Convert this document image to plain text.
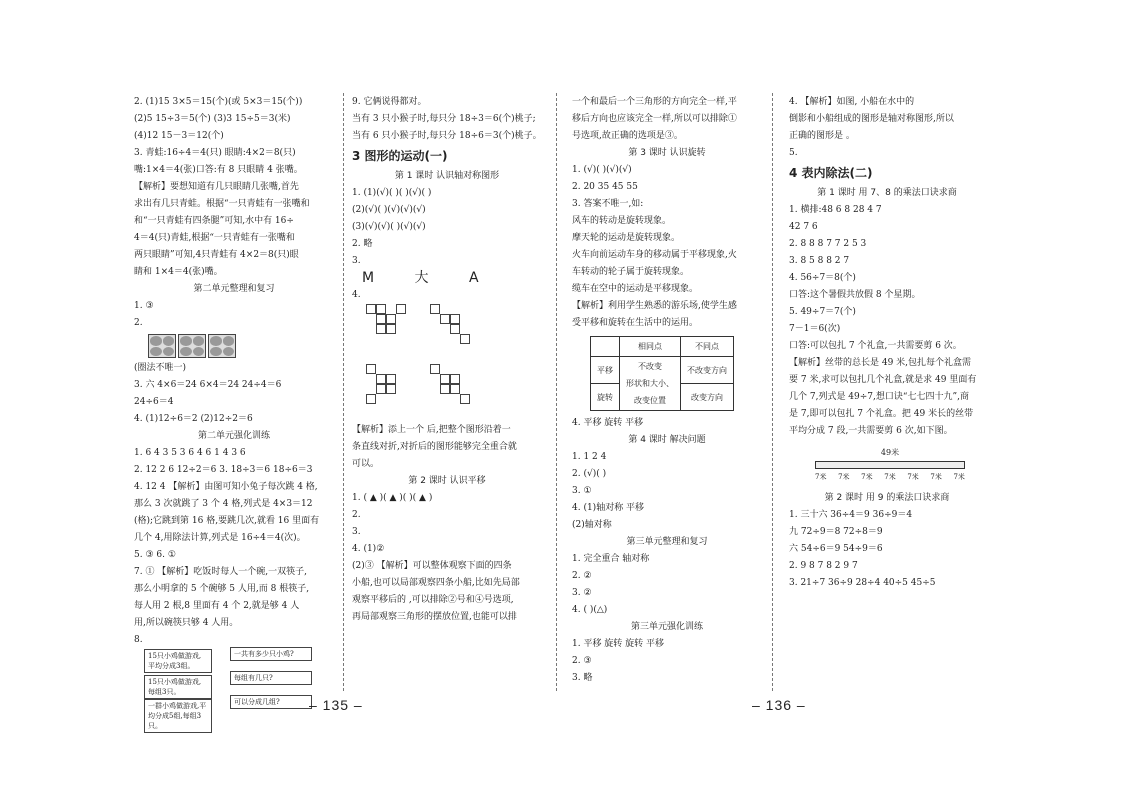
2. (1)15 3×5＝15(个)(或 5×3＝15(个))
(2)5 15÷3＝5(个) (3)3 15÷5＝3(米)
(4)12 15－3＝12(个)
3. 青蛙:16÷4＝4(只) 眼睛:4×2＝8(只)
嘴:1×4＝4(张)口答:有 8 只眼睛 4 张嘴。
【解析】要想知道有几只眼睛几张嘴,首先
求出有几只青蛙。根据“一只青蛙有一张嘴和
和“一只青蛙有四条腿”可知,水中有 16÷
4＝4(只)青蛙,根据“一只青蛙有一张嘴和
两只眼睛”可知,4只青蛙有 4×2＝8(只)眼
睛和 1×4＝4(张)嘴。
第二单元整理和复习
1. ③
2.
(圈法不唯一)
3. 六 4×6＝24 6×4＝24 24÷4＝6
24÷6＝4
4. (1)12÷6＝2 (2)12÷2＝6
第二单元强化训练
1. 6 4 3 5 3 6 4 6 1 4 3 6
2. 12 2 6 12÷2＝6 3. 18÷3＝6 18÷6＝3
4. 12 4 【解析】由图可知小兔子每次跳 4 格,
那么 3 次就跳了 3 个 4 格,列式是 4×3＝12
(格);它跳到第 16 格,要跳几次,就看 16 里面有
几个 4,用除法计算,列式是 16÷4＝4(次)。
5. ③ 6. ①
7. ① 【解析】吃饭时每人一个碗,一双筷子,
那么小明拿的 5 个碗够 5 人用,而 8 根筷子,
每人用 2 根,8 里面有 4 个 2,就是够 4 人
用,所以碗筷只够 4 人用。
8.
15只小鸡做游戏,平均分成3组。
一共有多少只小鸡?
15只小鸡做游戏,每组3只。
每组有几只?
一群小鸡做游戏,平均分成5组,每组3只。
可以分成几组?
9. 它俩说得都对。
当有 3 只小猴子时,每只分 18÷3＝6(个)桃子;
当有 6 只小猴子时,每只分 18÷6＝3(个)桃子。
3 图形的运动(一)
第 1 课时 认识轴对称图形
1. (1)(√)( )( )(√)( )
(2)(√)( )(√)(√)(√)
(3)(√)(√)( )(√)(√)
2. 略
3.
M 大 A
4.
【解析】添上一个 后,把整个图形沿着一
条直线对折,对折后的图形能够完全重合就
可以。
第 2 课时 认识平移
1. ( ▲ )( ▲ )( )( ▲ )
2.
3.
4. (1)②
(2)③ 【解析】可以整体观察下面的四条
小船,也可以局部观察四条小船,比如先局部
观察平移后的 ,可以排除②号和④号选项,
再局部观察三角形的摆放位置,也能可以排
一个和最后一个三角形的方向完全一样,平
移后方向也应该完全一样,所以可以排除①
号选项,故正确的选项是③。
第 3 课时 认识旋转
1. (√)( )(√)(√)
2. 20 35 45 55
3. 答案不唯一,如:
风车的转动是旋转现象。
摩天轮的运动是旋转现象。
火车向前运动车身的移动属于平移现象,火
车转动的轮子属于旋转现象。
缆车在空中的运动是平移现象。
【解析】利用学生熟悉的游乐场,使学生感
受平移和旋转在生活中的运用。
	相同点	不同点
平移	不改变
形状和大小、
改变位置	不改变方向
旋转		改变方向
4. 平移 旋转 平移
第 4 课时 解决问题
1. 1 2 4
2. (√)( )
3. ①
4. (1)轴对称 平移
(2)轴对称
第三单元整理和复习
1. 完全重合 轴对称
2. ②
3. ②
4. ( )(△)
第三单元强化训练
1. 平移 旋转 旋转 平移
2. ③
3. 略
4. 【解析】如图, 小船在水中的
倒影和小船组成的图形是轴对称图形,所以
正确的图形是 。
5.
4 表内除法(二)
第 1 课时 用 7、8 的乘法口诀求商
1. 横排:48 6 8 28 4 7
42 7 6
2. 8 8 8 7 7 2 5 3
3. 8 5 8 8 2 7
4. 56÷7＝8(个)
口答:这个暑假共放假 8 个星期。
5. 49÷7＝7(个)
7－1＝6(次)
口答:可以包扎 7 个礼盒,一共需要剪 6 次。
【解析】丝带的总长是 49 米,包扎每个礼盒需
要 7 米,求可以包扎几个礼盒,就是求 49 里面有
几个 7,列式是 49÷7,想口诀“七七四十九”,商
是 7,即可以包扎 7 个礼盒。把 49 米长的丝带
平均分成 7 段,一共需要剪 6 次,如下图。
49米
7米 7米 7米 7米 7米 7米 7米
第 2 课时 用 9 的乘法口诀求商
1. 三十六 36÷4＝9 36÷9＝4
九 72÷9＝8 72÷8＝9
六 54÷6＝9 54÷9＝6
2. 9 8 7 8 2 9 7
3. 21÷7 36÷9 28÷4 40÷5 45÷5
– 135 –	– 136 –
